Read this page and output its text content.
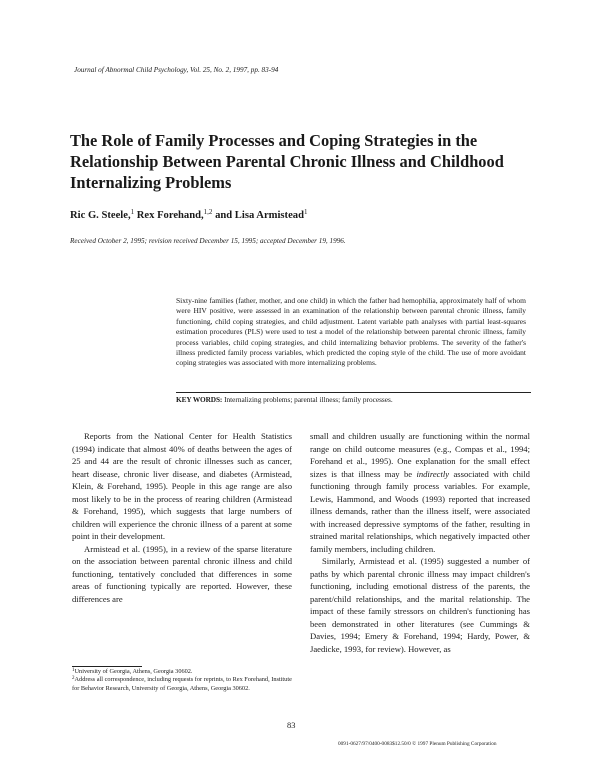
Journal of Abnormal Child Psychology, Vol. 25, No. 2, 1997, pp. 83-94
The Role of Family Processes and Coping Strategies in the Relationship Between Parental Chronic Illness and Childhood Internalizing Problems
Ric G. Steele,$^1$ Rex Forehand,$^{1,2}$ and Lisa Armistead$^1$
Received October 2, 1995; revision received December 15, 1995; accepted December 19, 1996.

Sixty-nine families (father, mother, and one child) in which the father had hemophilia, approximately half of whom were HIV positive, were assessed in an examination of the relationship between parental chronic illness, family functioning, child coping strategies, and child adjustment. Latent variable path analyses with partial least-squares estimation procedures (PLS) were used to test a model of the relationship between parental chronic illness, family process variables, child coping strategies, and child internalizing behavior problems. The severity of the father's illness predicted family process variables, which predicted the coping style of the child. The use of more avoidant coping strategies was associated with more internalizing problems.

KEY WORDS: Internalizing problems; parental illness; family processes.

Reports from the National Center for Health Statistics (1994) indicate that almost 40% of deaths between the ages of 25 and 44 are the result of chronic illnesses such as cancer, heart disease, chronic liver disease, and diabetes (Armistead, Klein, & Forehand, 1995). People in this age range are also most likely to be in the process of rearing children (Armistead & Forehand, 1995), which suggests that large numbers of children will experience the chronic illness of a parent at some point in their development.

Armistead et al. (1995), in a review of the sparse literature on the association between parental chronic illness and child functioning, tentatively concluded that differences in some areas of functioning typically are reported. However, these differences are

small and children usually are functioning within the normal range on child outcome measures (e.g., Compas et al., 1994; Forehand et al., 1995). One explanation for the small effect sizes is that illness may be indirectly associated with child functioning through family process variables. For example, Lewis, Hammond, and Woods (1993) reported that increased illness demands, rather than the illness itself, were associated with increased depressive symptoms of the father, resulting in strained marital relationships, which negatively impacted other family members, including children.

Similarly, Armistead et al. (1995) suggested a number of paths by which parental chronic illness may impact children's functioning, including emotional distress of the parents, the parent/child relationships, and the marital relationship. The impact of these family stressors on children's functioning has been demonstrated in other literatures (see Cummings & Davies, 1994; Emery & Forehand, 1994; Hardy, Power, & Jaedicke, 1993, for review). However, as

$^1$University of Georgia, Athens, Georgia 30602.
$^2$Address all correspondence, including requests for reprints, to Rex Forehand, Institute for Behavior Research, University of Georgia, Athens, Georgia 30602.
83
0091-0627/97/0400-0083$12.50/0 © 1997 Plenum Publishing Corporation
